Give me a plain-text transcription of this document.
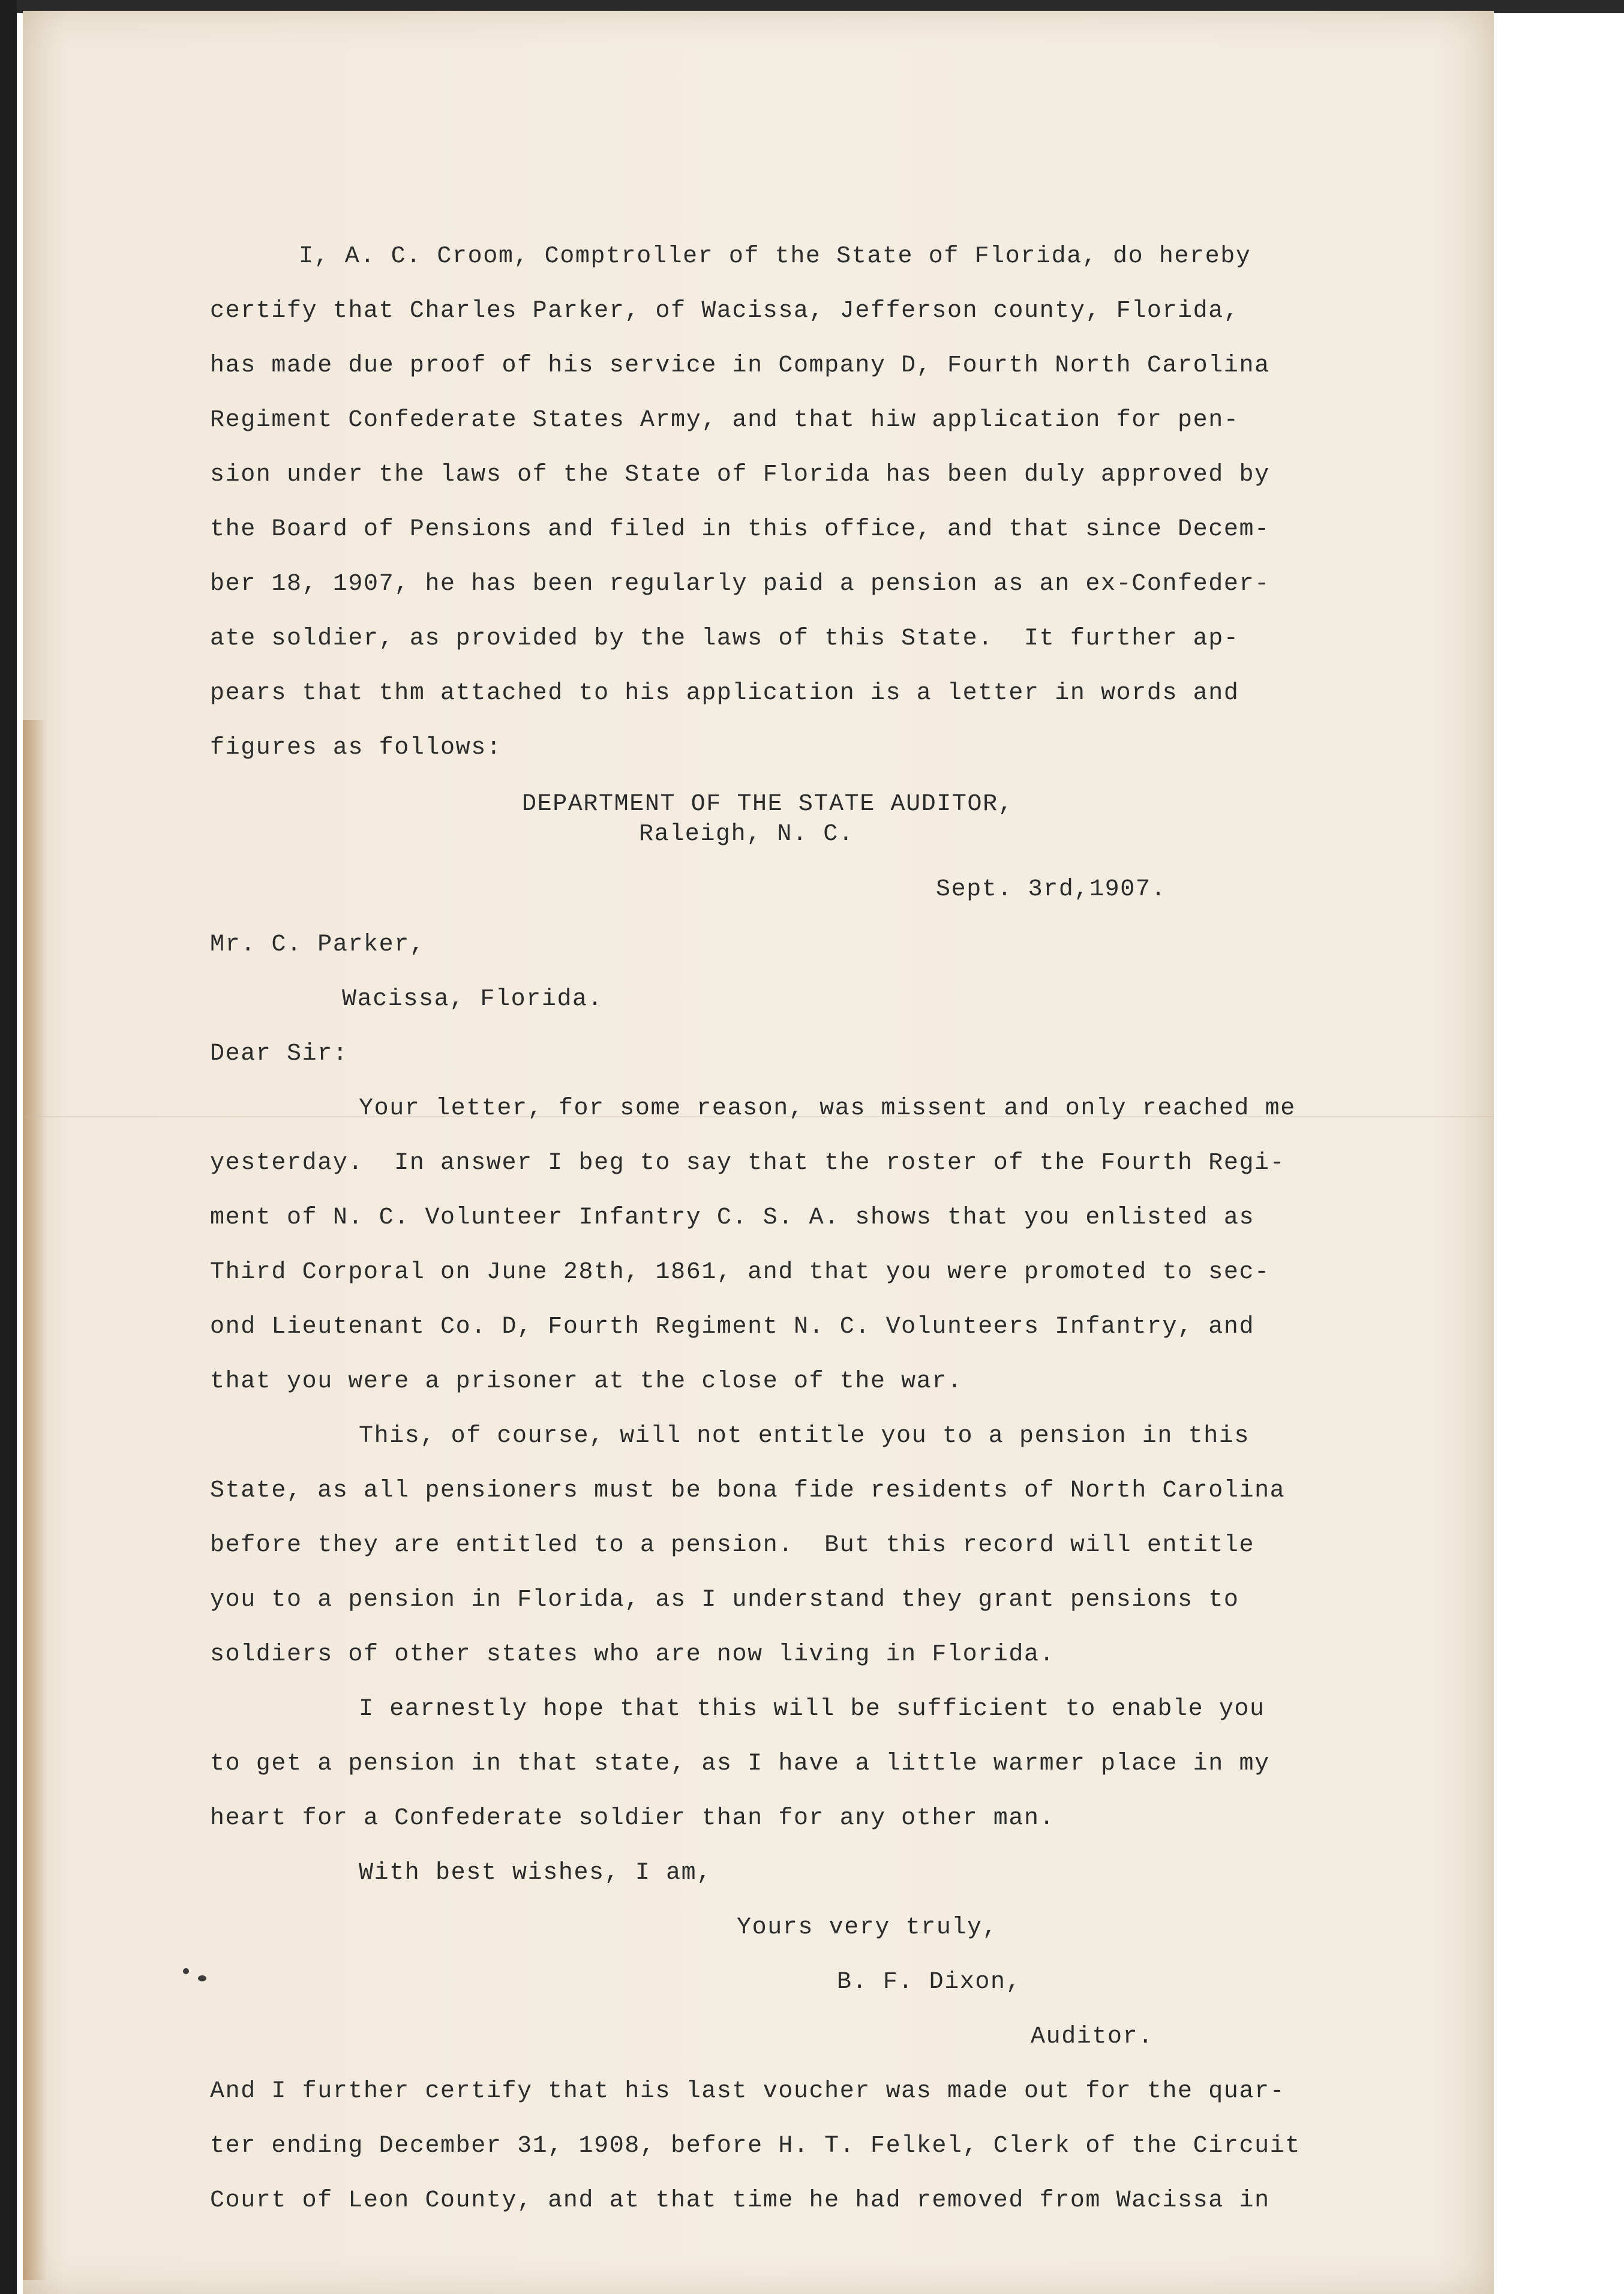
I, A. C. Croom, Comptroller of the State of Florida, do hereby
certify that Charles Parker, of Wacissa, Jefferson county, Florida,
has made due proof of his service in Company D, Fourth North Carolina
Regiment Confederate States Army, and that hiw application for pen-
sion under the laws of the State of Florida has been duly approved by
the Board of Pensions and filed in this office, and that since Decem-
ber 18, 1907, he has been regularly paid a pension as an ex-Confeder-
ate soldier, as provided by the laws of this State.  It further ap-
pears that thm attached to his application is a letter in words and
figures as follows:
DEPARTMENT OF THE STATE AUDITOR,
Raleigh, N. C.
Sept. 3rd,1907.
Mr. C. Parker,
Wacissa, Florida.
Dear Sir:
Your letter, for some reason, was missent and only reached me
yesterday.  In answer I beg to say that the roster of the Fourth Regi-
ment of N. C. Volunteer Infantry C. S. A. shows that you enlisted as
Third Corporal on June 28th, 1861, and that you were promoted to sec-
ond Lieutenant Co. D, Fourth Regiment N. C. Volunteers Infantry, and
that you were a prisoner at the close of the war.
This, of course, will not entitle you to a pension in this
State, as all pensioners must be bona fide residents of North Carolina
before they are entitled to a pension.  But this record will entitle
you to a pension in Florida, as I understand they grant pensions to
soldiers of other states who are now living in Florida.
I earnestly hope that this will be sufficient to enable you
to get a pension in that state, as I have a little warmer place in my
heart for a Confederate soldier than for any other man.
With best wishes, I am,
Yours very truly,
B. F. Dixon,
Auditor.
And I further certify that his last voucher was made out for the quar-
ter ending December 31, 1908, before H. T. Felkel, Clerk of the Circuit
Court of Leon County, and at that time he had removed from Wacissa in
